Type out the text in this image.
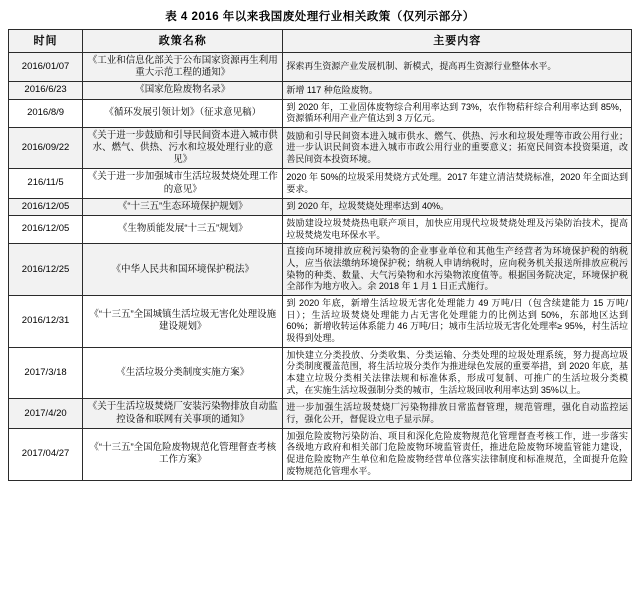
表 4 2016 年以来我国废处理行业相关政策（仅列示部分）
时间	政策名称	主要内容
2016/01/07	《工业和信息化部关于公布国家资源再生利用重大示范工程的通知》	探索再生资源产业发展机制、新模式，提高再生资源行业整体水平。
2016/6/23	《国家危险废物名录》	新增 117 种危险废物。
2016/8/9	《循环发展引领计划》（征求意见稿）	到 2020 年，工业固体废物综合利用率达到 73%，农作物秸秆综合利用率达到 85%，资源循环利用产业产值达到 3 万亿元。
2016/09/22	《关于进一步鼓励和引导民间资本进入城市供水、燃气、供热、污水和垃圾处理行业的意见》	鼓励和引导民间资本进入城市供水、燃气、供热、污水和垃圾处理等市政公用行业；进一步认识民间资本进入城市市政公用行业的重要意义；拓宽民间资本投资渠道，改善民间资本投资环境。
216/11/5	《关于进一步加强城市生活垃圾焚烧处理工作的意见》	2020 年 50%的垃圾采用焚烧方式处理。2017 年建立清洁焚烧标准，2020 年全面达到要求。
2016/12/05	《“十三五”生态环境保护规划》	到 2020 年，垃圾焚烧处理率达到 40%。
2016/12/05	《生物质能发展“十三五”规划》	鼓励建设垃圾焚烧热电联产项目，加快应用现代垃圾焚烧处理及污染防治技术，提高垃圾焚烧发电环保水平。
2016/12/25	《中华人民共和国环境保护税法》	直接向环境排放应税污染物的企业事业单位和其他生产经营者为环境保护税的纳税人，应当依法缴纳环境保护税；纳税人申请纳税时，应向税务机关报送所排放应税污染物的种类、数量、大气污染物和水污染物浓度值等。根据国务院决定，环境保护税全部作为地方收入。余 2018 年 1 月 1 日正式施行。
2016/12/31	《“十三五”全国城镇生活垃圾无害化处理设施建设规划》	到 2020 年底，新增生活垃圾无害化处理能力 49 万吨/日（包含续建能力 15 万吨/日）；生活垃圾焚烧处理能力占无害化处理能力的比例达到 50%，东部地区达到 60%；新增收转运体系能力 46 万吨/日；城市生活垃圾无害化处理率≥ 95%，村生活垃圾得到处理。
2017/3/18	《生活垃圾分类制度实施方案》	加快建立分类投放、分类收集、分类运输、分类处理的垃圾处理系统，努力提高垃圾分类制度覆盖范围，将生活垃圾分类作为推进绿色发展的重要举措，到 2020 年底，基本建立垃圾分类相关法律法规和标准体系，形成可复制、可推广的生活垃圾分类模式，在实施生活垃圾强制分类的城市，生活垃圾回收利用率达到 35%以上。
2017/4/20	《关于生活垃圾焚烧厂安装污染物排放自动监控设备和联网有关事项的通知》	进一步加强生活垃圾焚烧厂污染物排放日常监督管理，规范管理，强化自动监控运行，强化公开，督促设立电子显示屏。
2017/04/27	《“十三五”全国危险废物规范化管理督查考核工作方案》	加强危险废物污染防治、项目和深化危险废物规范化管理督查考核工作，进一步落实各级地方政府和相关部门危险废物环境监管责任，推进危险废物环境监管能力建设，促进危险废物产生单位和危险废物经营单位落实法律制度和标准规范，全面提升危险废物规范化管理水平。
